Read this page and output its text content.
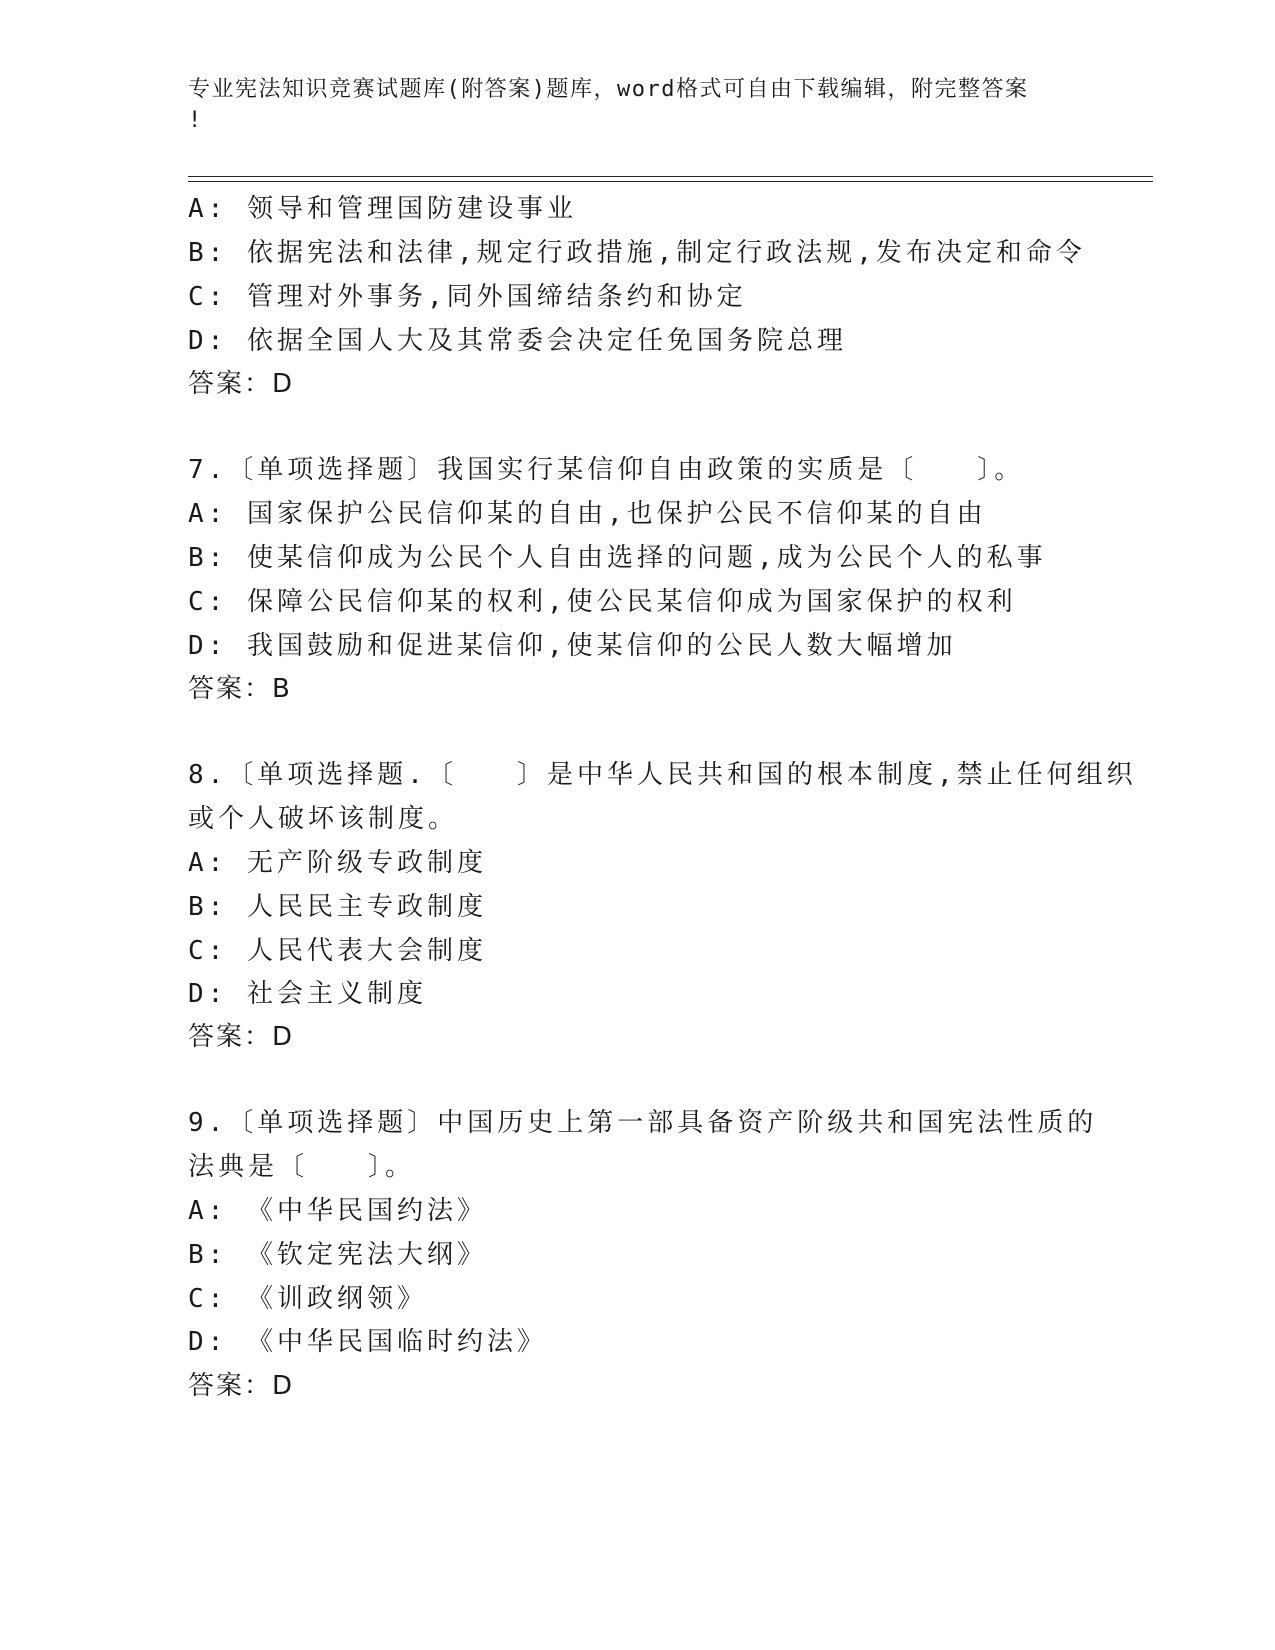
专业宪法知识竞赛试题库(附答案)题库，word格式可自由下载编辑，附完整答案
!
A: 领导和管理国防建设事业
B: 依据宪法和法律,规定行政措施,制定行政法规,发布决定和命令
C: 管理对外事务,同外国缔结条约和协定
D: 依据全国人大及其常委会决定任免国务院总理
答案：D
7.〔单项选择题〕我国实行某信仰自由政策的实质是〔　　〕。
A: 国家保护公民信仰某的自由,也保护公民不信仰某的自由
B: 使某信仰成为公民个人自由选择的问题,成为公民个人的私事
C: 保障公民信仰某的权利,使公民某信仰成为国家保护的权利
D: 我国鼓励和促进某信仰,使某信仰的公民人数大幅增加
答案：B
8.〔单项选择题.〔　　〕是中华人民共和国的根本制度,禁止任何组织
或个人破坏该制度。
A: 无产阶级专政制度
B: 人民民主专政制度
C: 人民代表大会制度
D: 社会主义制度
答案：D
9.〔单项选择题〕中国历史上第一部具备资产阶级共和国宪法性质的
法典是〔　　〕。
A: 《中华民国约法》
B: 《钦定宪法大纲》
C: 《训政纲领》
D: 《中华民国临时约法》
答案：D
